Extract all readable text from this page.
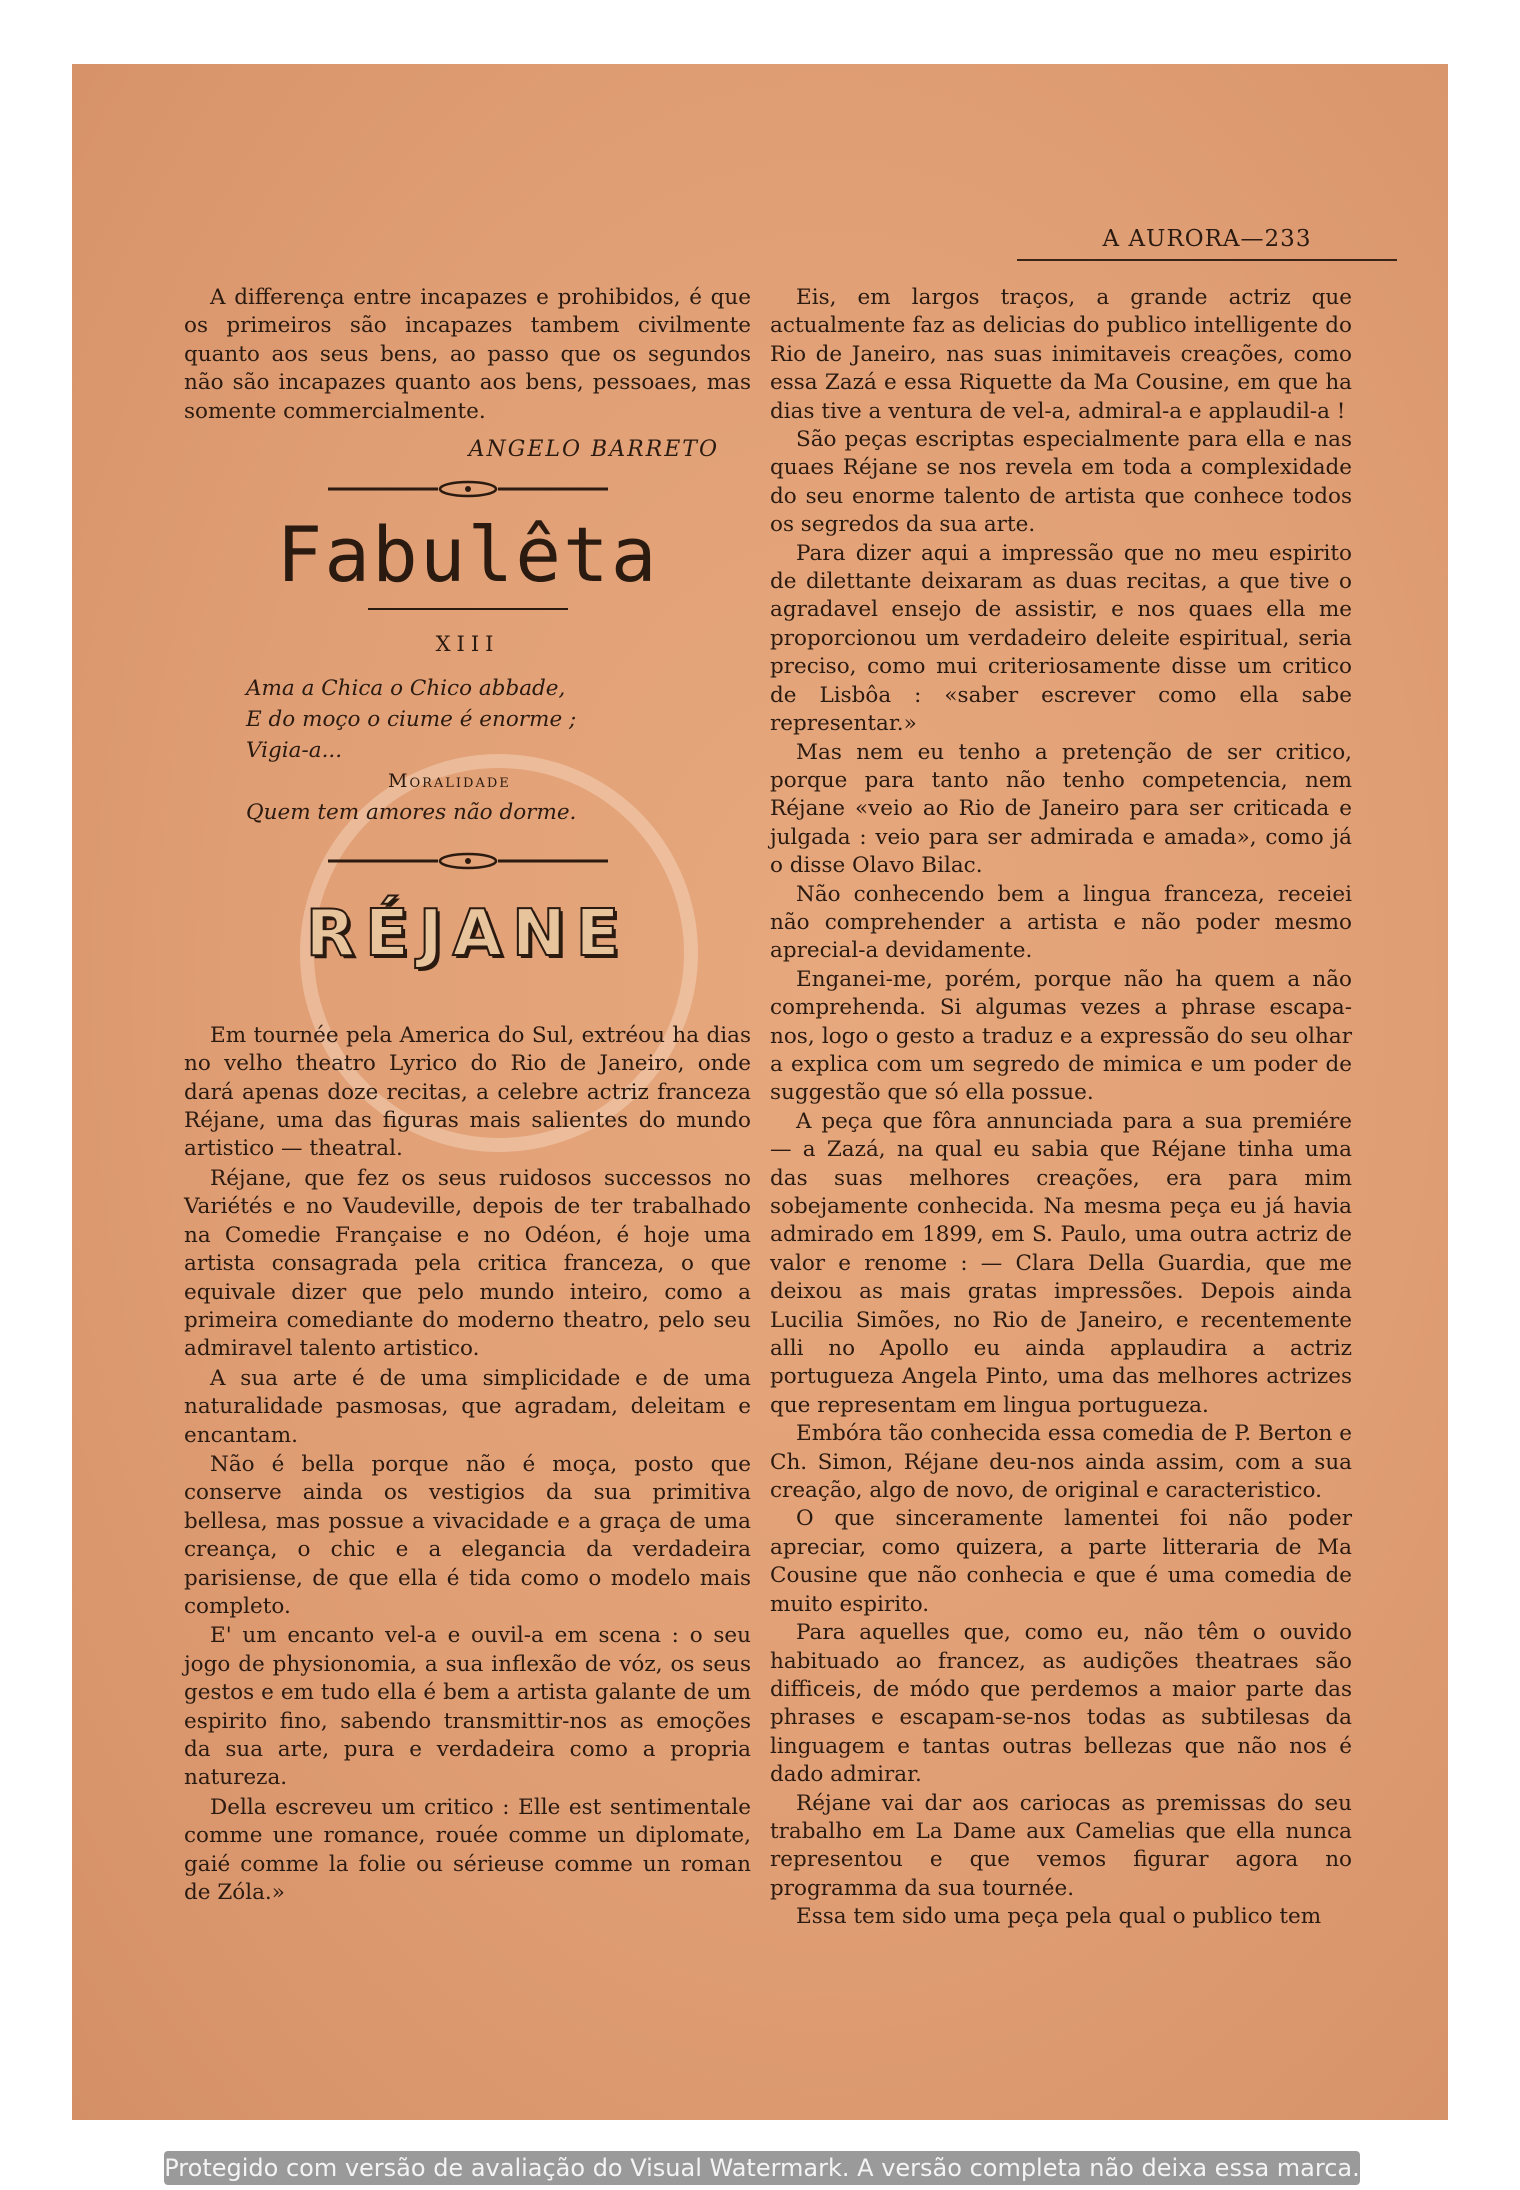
A AURORA—233

A differença entre incapazes e prohibidos, é que os primeiros são incapazes tambem civilmente quanto aos seus bens, ao passo que os segundos não são incapazes quanto aos bens, pessoaes, mas somente commercialmente.

ANGELO BARRETO
Fabulêta
XIII
Ama a Chica o Chico abbade,
E do moço o ciume é enorme ;
Vigia-a...
Moralidade
Quem tem amores não dorme.
RÉJANE

Em tournée pela America do Sul, extréou ha dias no velho theatro Lyrico do Rio de Janeiro, onde dará apenas doze recitas, a celebre actriz franceza Réjane, uma das figuras mais salientes do mundo artistico — theatral.

Réjane, que fez os seus ruidosos successos no Variétés e no Vaudeville, depois de ter trabalhado na Comedie Française e no Odéon, é hoje uma artista consagrada pela critica franceza, o que equivale dizer que pelo mundo inteiro, como a primeira comediante do moderno theatro, pelo seu admiravel talento artistico.

A sua arte é de uma simplicidade e de uma naturalidade pasmosas, que agradam, deleitam e encantam.

Não é bella porque não é moça, posto que conserve ainda os vestigios da sua primitiva bellesa, mas possue a vivacidade e a graça de uma creança, o chic e a elegancia da verdadeira parisiense, de que ella é tida como o modelo mais completo.

E' um encanto vel-a e ouvil-a em scena : o seu jogo de physionomia, a sua inflexão de vóz, os seus gestos e em tudo ella é bem a artista galante de um espirito fino, sabendo transmittir-nos as emoções da sua arte, pura e verdadeira como a propria natureza.

Della escreveu um critico : Elle est sentimentale comme une romance, rouée comme un diplomate, gaié comme la folie ou sérieuse comme un roman de Zóla.»

Eis, em largos traços, a grande actriz que actualmente faz as delicias do publico intelligente do Rio de Janeiro, nas suas inimitaveis creações, como essa Zazá e essa Riquette da Ma Cousine, em que ha dias tive a ventura de vel-a, admiral-a e applaudil-a !

São peças escriptas especialmente para ella e nas quaes Réjane se nos revela em toda a complexidade do seu enorme talento de artista que conhece todos os segredos da sua arte.

Para dizer aqui a impressão que no meu espirito de dilettante deixaram as duas recitas, a que tive o agradavel ensejo de assistir, e nos quaes ella me proporcionou um verdadeiro deleite espiritual, seria preciso, como mui criteriosamente disse um critico de Lisbôa : «saber escrever como ella sabe representar.»

Mas nem eu tenho a pretenção de ser critico, porque para tanto não tenho competencia, nem Réjane «veio ao Rio de Janeiro para ser criticada e julgada : veio para ser admirada e amada», como já o disse Olavo Bilac.

Não conhecendo bem a lingua franceza, receiei não comprehender a artista e não poder mesmo aprecial-a devidamente.

Enganei-me, porém, porque não ha quem a não comprehenda. Si algumas vezes a phrase escapa-nos, logo o gesto a traduz e a expressão do seu olhar a explica com um segredo de mimica e um poder de suggestão que só ella possue.

A peça que fôra annunciada para a sua premiére — a Zazá, na qual eu sabia que Réjane tinha uma das suas melhores creações, era para mim sobejamente conhecida. Na mesma peça eu já havia admirado em 1899, em S. Paulo, uma outra actriz de valor e renome : — Clara Della Guardia, que me deixou as mais gratas impressões. Depois ainda Lucilia Simões, no Rio de Janeiro, e recentemente alli no Apollo eu ainda applaudira a actriz portugueza Angela Pinto, uma das melhores actrizes que representam em lingua portugueza.

Embóra tão conhecida essa comedia de P. Berton e Ch. Simon, Réjane deu-nos ainda assim, com a sua creação, algo de novo, de original e caracteristico.

O que sinceramente lamentei foi não poder apreciar, como quizera, a parte litteraria de Ma Cousine que não conhecia e que é uma comedia de muito espirito.

Para aquelles que, como eu, não têm o ouvido habituado ao francez, as audições theatraes são difficeis, de módo que perdemos a maior parte das phrases e escapam-se-nos todas as subtilesas da linguagem e tantas outras bellezas que não nos é dado admirar.

Réjane vai dar aos cariocas as premissas do seu trabalho em La Dame aux Camelias que ella nunca representou e que vemos figurar agora no programma da sua tournée.

Essa tem sido uma peça pela qual o publico tem

Protegido com versão de avaliação do Visual Watermark. A versão completa não deixa essa marca.
